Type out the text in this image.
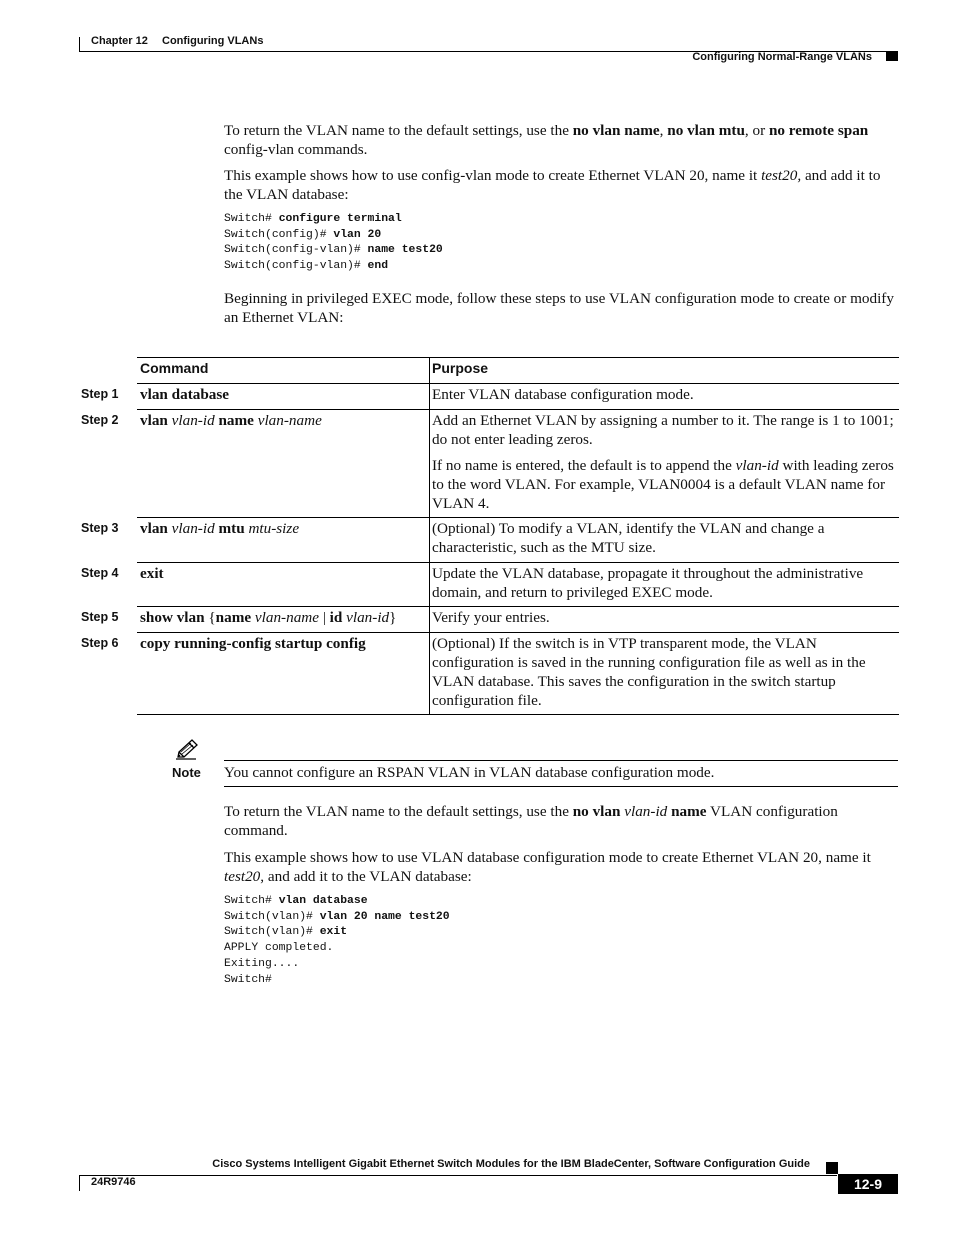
Chapter 12 Configuring VLANs
Configuring Normal-Range VLANs
To return the VLAN name to the default settings, use the no vlan name, no vlan mtu, or no remote span config-vlan commands.
This example shows how to use config-vlan mode to create Ethernet VLAN 20, name it test20, and add it to the VLAN database:
Switch# configure terminal
Switch(config)# vlan 20
Switch(config-vlan)# name test20
Switch(config-vlan)# end
Beginning in privileged EXEC mode, follow these steps to use VLAN configuration mode to create or modify an Ethernet VLAN:
Command	Purpose
Step 1 vlan database	Enter VLAN database configuration mode.
Step 2 vlan vlan-id name vlan-name	Add an Ethernet VLAN by assigning a number to it. The range is 1 to 1001; do not enter leading zeros.
If no name is entered, the default is to append the vlan-id with leading zeros to the word VLAN. For example, VLAN0004 is a default VLAN name for VLAN 4.
Step 3 vlan vlan-id mtu mtu-size	(Optional) To modify a VLAN, identify the VLAN and change a characteristic, such as the MTU size.
Step 4 exit	Update the VLAN database, propagate it throughout the administrative domain, and return to privileged EXEC mode.
Step 5 show vlan {name vlan-name | id vlan-id}	Verify your entries.
Step 6 copy running-config startup config	(Optional) If the switch is in VTP transparent mode, the VLAN configuration is saved in the running configuration file as well as in the VLAN database. This saves the configuration in the switch startup configuration file.
Note You cannot configure an RSPAN VLAN in VLAN database configuration mode.
To return the VLAN name to the default settings, use the no vlan vlan-id name VLAN configuration command.
This example shows how to use VLAN database configuration mode to create Ethernet VLAN 20, name it test20, and add it to the VLAN database:
Switch# vlan database
Switch(vlan)# vlan 20 name test20
Switch(vlan)# exit
APPLY completed.
Exiting....
Switch#
Cisco Systems Intelligent Gigabit Ethernet Switch Modules for the IBM BladeCenter, Software Configuration Guide
24R9746	12-9
